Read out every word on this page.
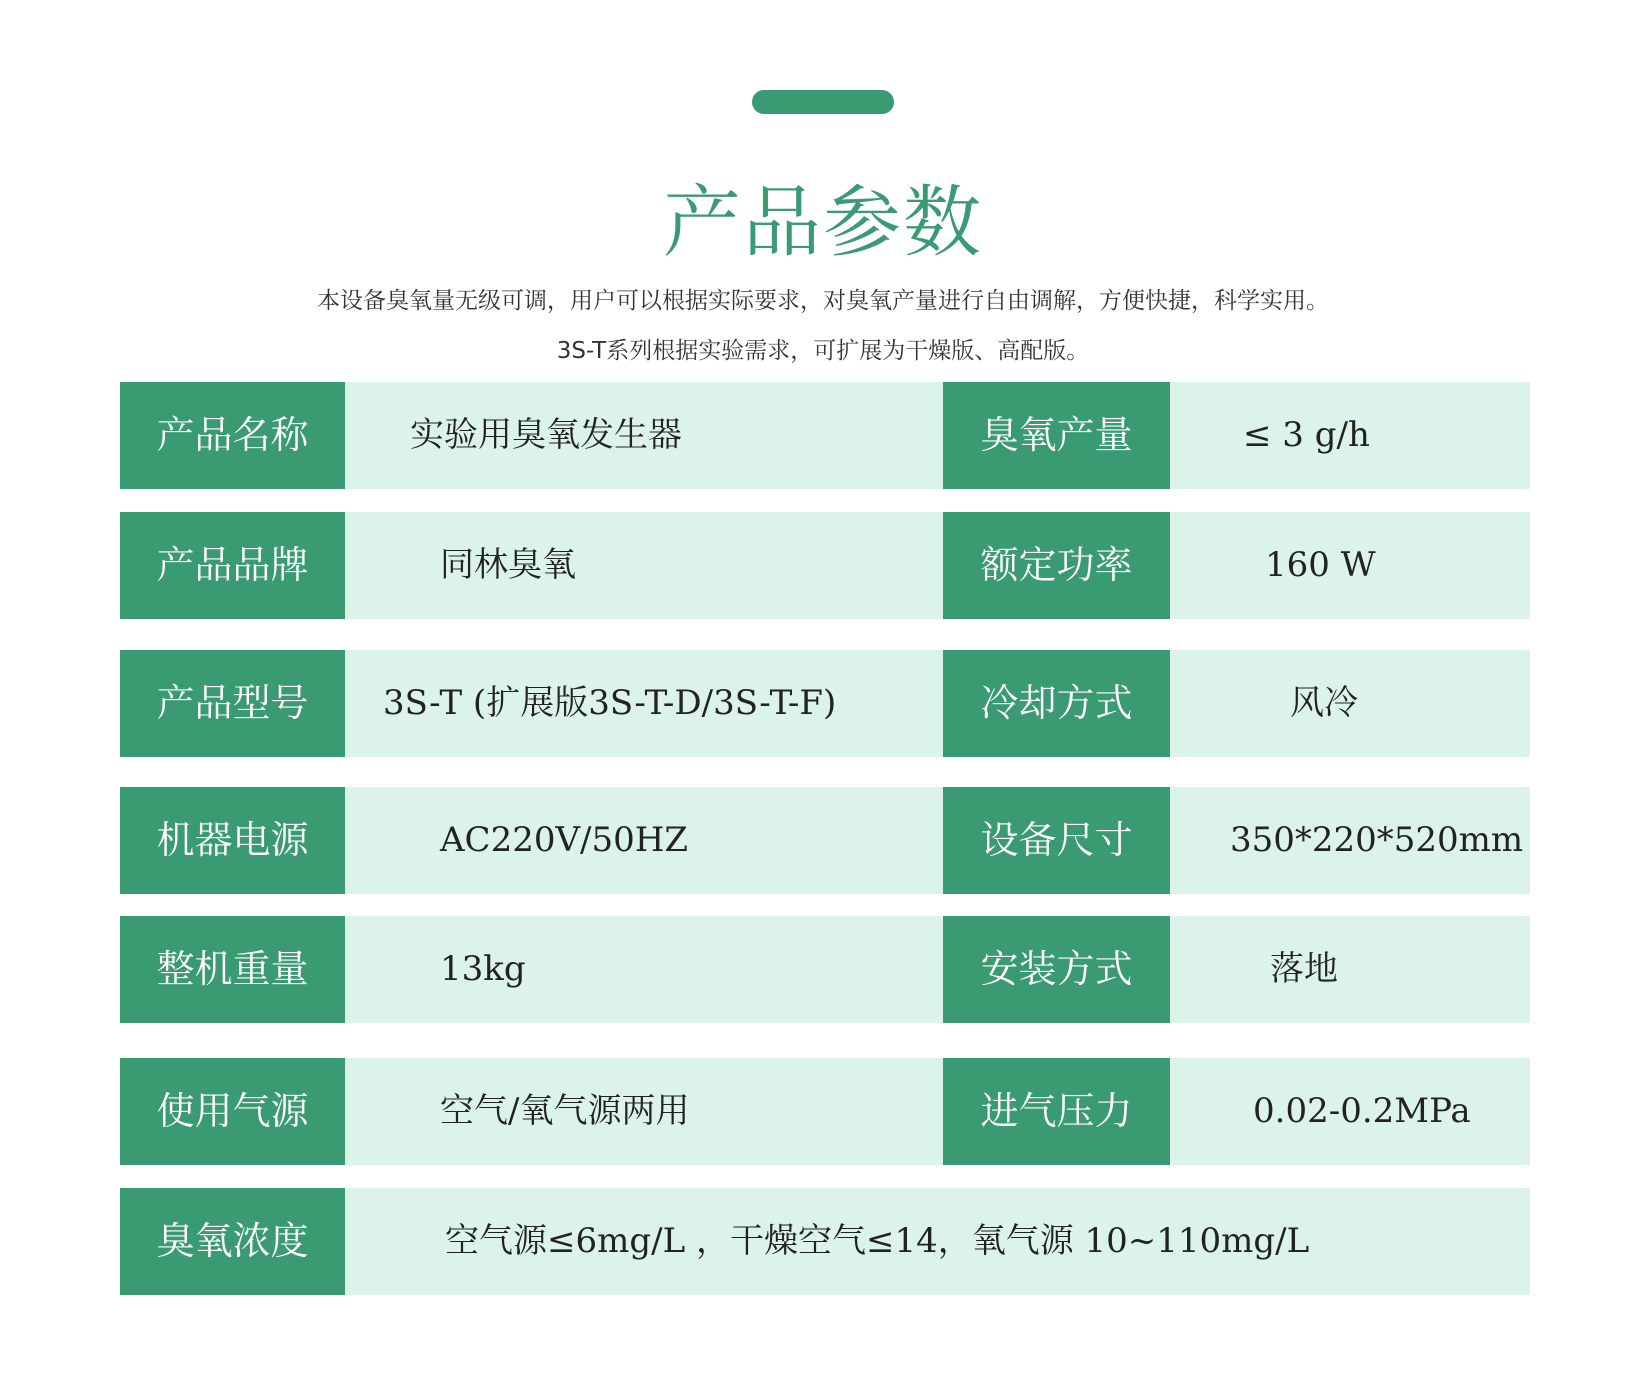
产品参数
本设备臭氧量无级可调，用户可以根据实际要求，对臭氧产量进行自由调解，方便快捷，科学实用。
3S-T系列根据实验需求，可扩展为干燥版、高配版。
产品名称	实验用臭氧发生器	臭氧产量	≤ 3 g/h
产品品牌	同林臭氧	额定功率	160 W
产品型号	3S-T (扩展版3S-T-D/3S-T-F)	冷却方式	风冷
机器电源	AC220V/50HZ	设备尺寸	350*220*520mm
整机重量	13kg	安装方式	落地
使用气源	空气/氧气源两用	进气压力	0.02-0.2MPa
臭氧浓度	空气源≤6mg/L ，干燥空气≤14，氧气源 10~110mg/L
